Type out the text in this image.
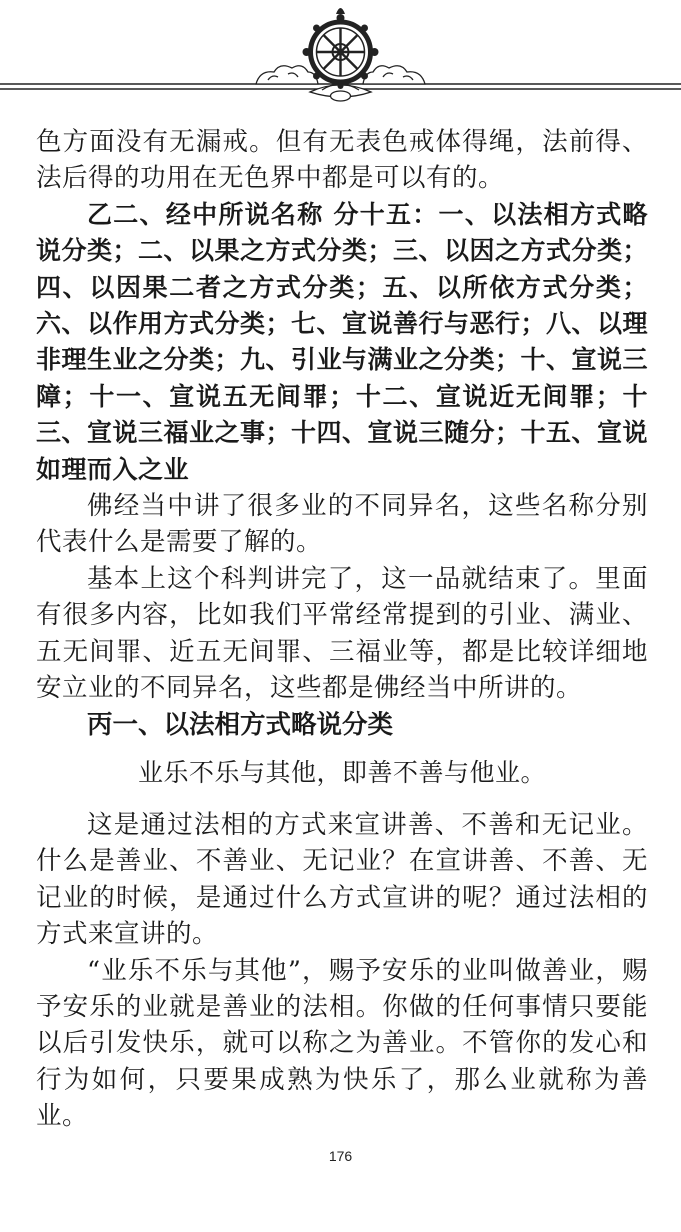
色方面没有无漏戒。但有无表色戒体得绳，法前得、法后得的功用在无色界中都是可以有的。

乙二、经中所说名称 分十五：一、以法相方式略说分类；二、以果之方式分类；三、以因之方式分类；四、以因果二者之方式分类；五、以所依方式分类；六、以作用方式分类；七、宣说善行与恶行；八、以理非理生业之分类；九、引业与满业之分类；十、宣说三障；十一、宣说五无间罪；十二、宣说近无间罪；十三、宣说三福业之事；十四、宣说三随分；十五、宣说如理而入之业

佛经当中讲了很多业的不同异名，这些名称分别代表什么是需要了解的。

基本上这个科判讲完了，这一品就结束了。里面有很多内容，比如我们平常经常提到的引业、满业、五无间罪、近五无间罪、三福业等，都是比较详细地安立业的不同异名，这些都是佛经当中所讲的。

丙一、以法相方式略说分类

业乐不乐与其他，即善不善与他业。

这是通过法相的方式来宣讲善、不善和无记业。什么是善业、不善业、无记业？在宣讲善、不善、无记业的时候，是通过什么方式宣讲的呢？通过法相的方式来宣讲的。

“业乐不乐与其他”，赐予安乐的业叫做善业，赐予安乐的业就是善业的法相。你做的任何事情只要能以后引发快乐，就可以称之为善业。不管你的发心和行为如何，只要果成熟为快乐了，那么业就称为善业。

176
